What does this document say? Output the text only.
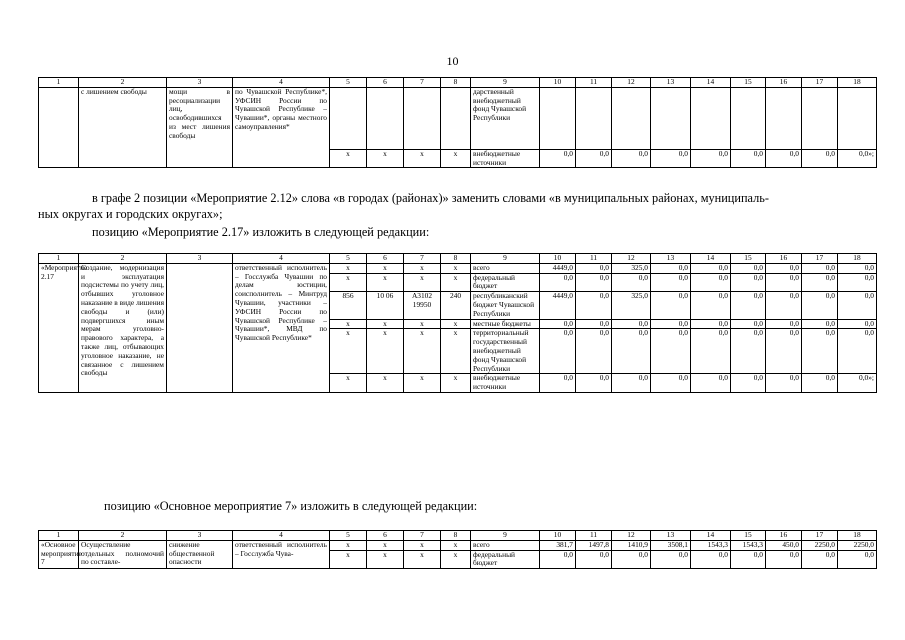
10
1	2	3	4	5	6	7	8	9	10	11	12	13	14	15	16	17	18
	с лишением свободы	мощи в ресоциализации лиц, освободившихся из мест лишения свободы	по Чувашской Республике*, УФСИН России по Чувашской Республике – Чувашии*, органы местного самоуправления*					дарственный внебюджетный фонд Чувашской Республики									
				x	x	x	x	внебюджетные источники	0,0	0,0	0,0	0,0	0,0	0,0	0,0	0,0	0,0»;
в графе 2 позиции «Мероприятие 2.12» слова «в городах (районах)» заменить словами «в муниципальных районах, муниципаль-
ных округах и городских округах»;
позицию «Мероприятие 2.17» изложить в следующей редакции:
1	2	3	4	5	6	7	8	9	10	11	12	13	14	15	16	17	18
«Мероприятие 2.17	Создание, модернизация и эксплуатация подсистемы по учету лиц, отбывших уголовное наказание в виде лишения свободы и (или) подвергшихся иным мерам уголовно-правового характера, а также лиц, отбывающих уголовное наказание, не связанное с лишением свободы		ответственный исполнитель – Госслужба Чувашии по делам юстиции, соисполнитель – Минтруд Чувашии, участники – УФСИН России по Чувашской Республике – Чувашии*, МВД по Чувашской Республике*	x	x	x	x	всего	4449,0	0,0	325,0	0,0	0,0	0,0	0,0	0,0	0,0
				x	x	x	x	федеральный бюджет	0,0	0,0	0,0	0,0	0,0	0,0	0,0	0,0	0,0
				856	10 06	А3102 19950	240	республиканский бюджет Чувашской Республики	4449,0	0,0	325,0	0,0	0,0	0,0	0,0	0,0	0,0
				x	x	x	x	местные бюджеты	0,0	0,0	0,0	0,0	0,0	0,0	0,0	0,0	0,0
				x	x	x	x	территориальный государственный внебюджетный фонд Чувашской Республики	0,0	0,0	0,0	0,0	0,0	0,0	0,0	0,0	0,0
				x	x	x	x	внебюджетные источники	0,0	0,0	0,0	0,0	0,0	0,0	0,0	0,0	0,0»;
позицию «Основное мероприятие 7» изложить в следующей редакции:
1	2	3	4	5	6	7	8	9	10	11	12	13	14	15	16	17	18
«Основное мероприятие 7	Осуществление отдельных полномочий по составле-	снижение общественной опасности	ответственный исполнитель – Госслужба Чува-	x	x	x	x	всего	381,7	1497,8	1410,9	3508,1	1543,3	1543,3	450,0	2250,0	2250,0
				x	x	x	x	федеральный бюджет	0,0	0,0	0,0	0,0	0,0	0,0	0,0	0,0	0,0
